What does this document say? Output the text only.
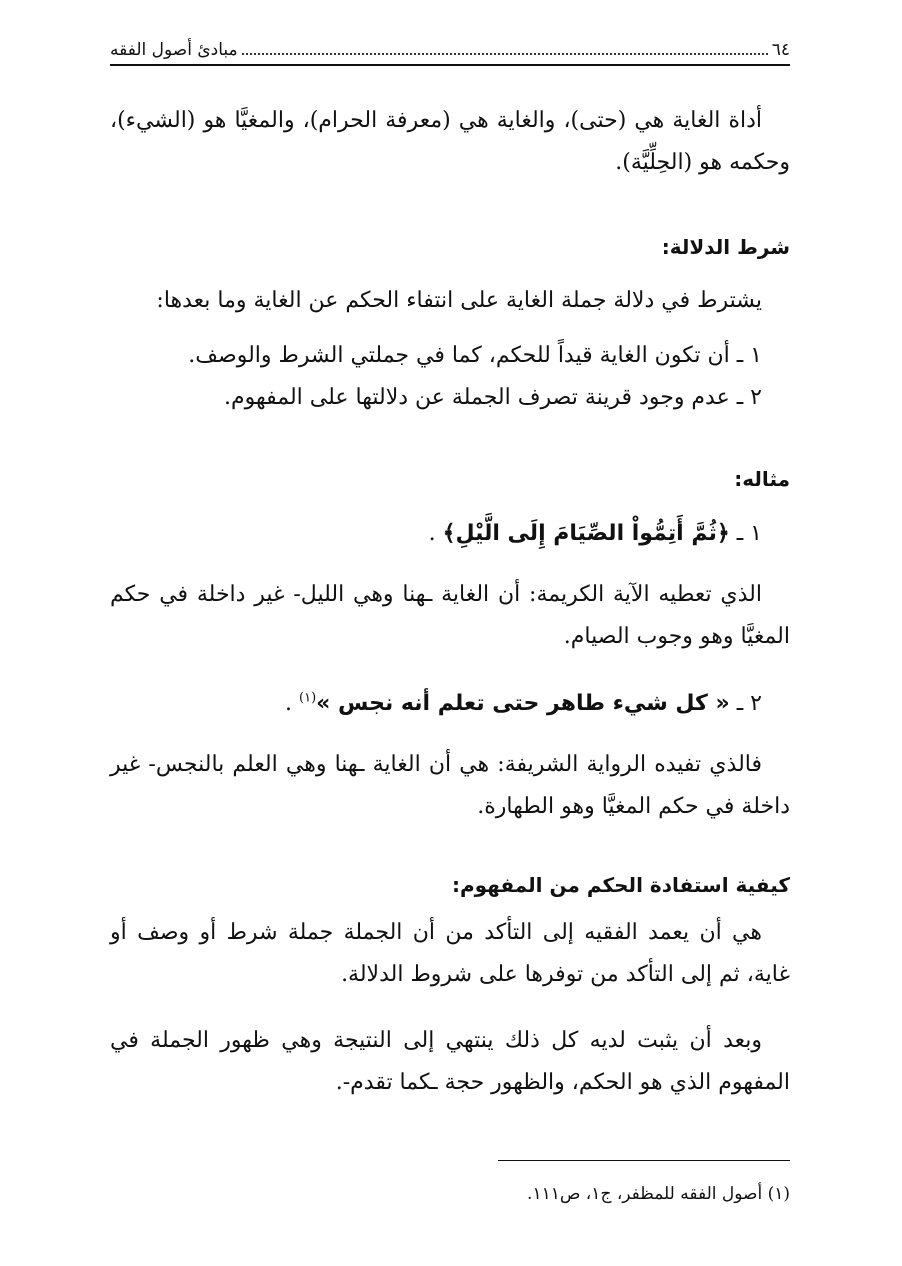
٦٤
مبادئ أصول الفقه

أداة الغاية هي (حتى)، والغاية هي (معرفة الحرام)، والمغيَّا هو (الشيء)، وحكمه هو (الحِلِّيَّة).

شرط الدلالة:

يشترط في دلالة جملة الغاية على انتفاء الحكم عن الغاية وما بعدها:

١ ـ أن تكون الغاية قيداً للحكم، كما في جملتي الشرط والوصف.
٢ ـ عدم وجود قرينة تصرف الجملة عن دلالتها على المفهوم.
مثاله:
١ ـ ﴿ثُمَّ أَتِمُّواْ الصِّيَامَ إِلَى الَّيْلِ﴾ .

الذي تعطيه الآية الكريمة: أن الغاية ـهنا وهي الليل- غير داخلة في حكم المغيَّا وهو وجوب الصيام.

٢ ـ « كل شيء طاهر حتى تعلم أنه نجس »$^{(١)}$ .

فالذي تفيده الرواية الشريفة: هي أن الغاية ـهنا وهي العلم بالنجس- غير داخلة في حكم المغيَّا وهو الطهارة.

كيفية استفادة الحكم من المفهوم:

هي أن يعمد الفقيه إلى التأكد من أن الجملة جملة شرط أو وصف أو غاية، ثم إلى التأكد من توفرها على شروط الدلالة.

وبعد أن يثبت لديه كل ذلك ينتهي إلى النتيجة وهي ظهور الجملة في المفهوم الذي هو الحكم، والظهور حجة ـكما تقدم-.

(١) أصول الفقه للمظفر، ج١، ص١١١.
